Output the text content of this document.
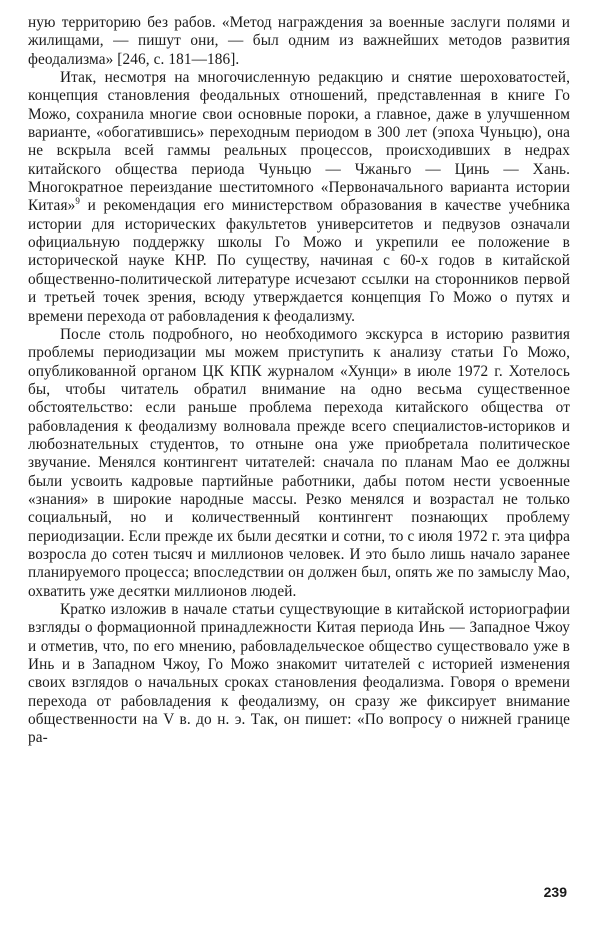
ную территорию без рабов. «Метод награждения за военные заслуги полями и жилищами, — пишут они, — был одним из важнейших методов развития феодализма» [246, с. 181—186].

Итак, несмотря на многочисленную редакцию и снятие шероховатостей, концепция становления феодальных отношений, представленная в книге Го Можо, сохранила многие свои основные пороки, а главное, даже в улучшенном варианте, «обогатившись» переходным периодом в 300 лет (эпоха Чуньцю), она не вскрыла всей гаммы реальных процессов, происходивших в недрах китайского общества периода Чуньцю — Чжаньго — Цинь — Хань. Многократное переиздание шеститомного «Первоначального варианта истории Китая»$^9$ и рекомендация его министерством образования в качестве учебника истории для исторических факультетов университетов и педвузов означали официальную поддержку школы Го Можо и укрепили ее положение в исторической науке КНР. По существу, начиная с 60-х годов в китайской общественно-политической литературе исчезают ссылки на сторонников первой и третьей точек зрения, всюду утверждается концепция Го Можо о путях и времени перехода от рабовладения к феодализму.

После столь подробного, но необходимого экскурса в историю развития проблемы периодизации мы можем приступить к анализу статьи Го Можо, опубликованной органом ЦК КПК журналом «Хунци» в июле 1972 г. Хотелось бы, чтобы читатель обратил внимание на одно весьма существенное обстоятельство: если раньше проблема перехода китайского общества от рабовладения к феодализму волновала прежде всего специалистов-историков и любознательных студентов, то отныне она уже приобретала политическое звучание. Менялся контингент читателей: сначала по планам Мао ее должны были усвоить кадровые партийные работники, дабы потом нести усвоенные «знания» в широкие народные массы. Резко менялся и возрастал не только социальный, но и количественный контингент познающих проблему периодизации. Если прежде их были десятки и сотни, то с июля 1972 г. эта цифра возросла до сотен тысяч и миллионов человек. И это было лишь начало заранее планируемого процесса; впоследствии он должен был, опять же по замыслу Мао, охватить уже десятки миллионов людей.

Кратко изложив в начале статьи существующие в китайской историографии взгляды о формационной принадлежности Китая периода Инь — Западное Чжоу и отметив, что, по его мнению, рабовладельческое общество существовало уже в Инь и в Западном Чжоу, Го Можо знакомит читателей с историей изменения своих взглядов о начальных сроках становления феодализма. Говоря о времени перехода от рабовладения к феодализму, он сразу же фиксирует внимание общественности на V в. до н. э. Так, он пишет: «По вопросу о нижней границе ра-

239
